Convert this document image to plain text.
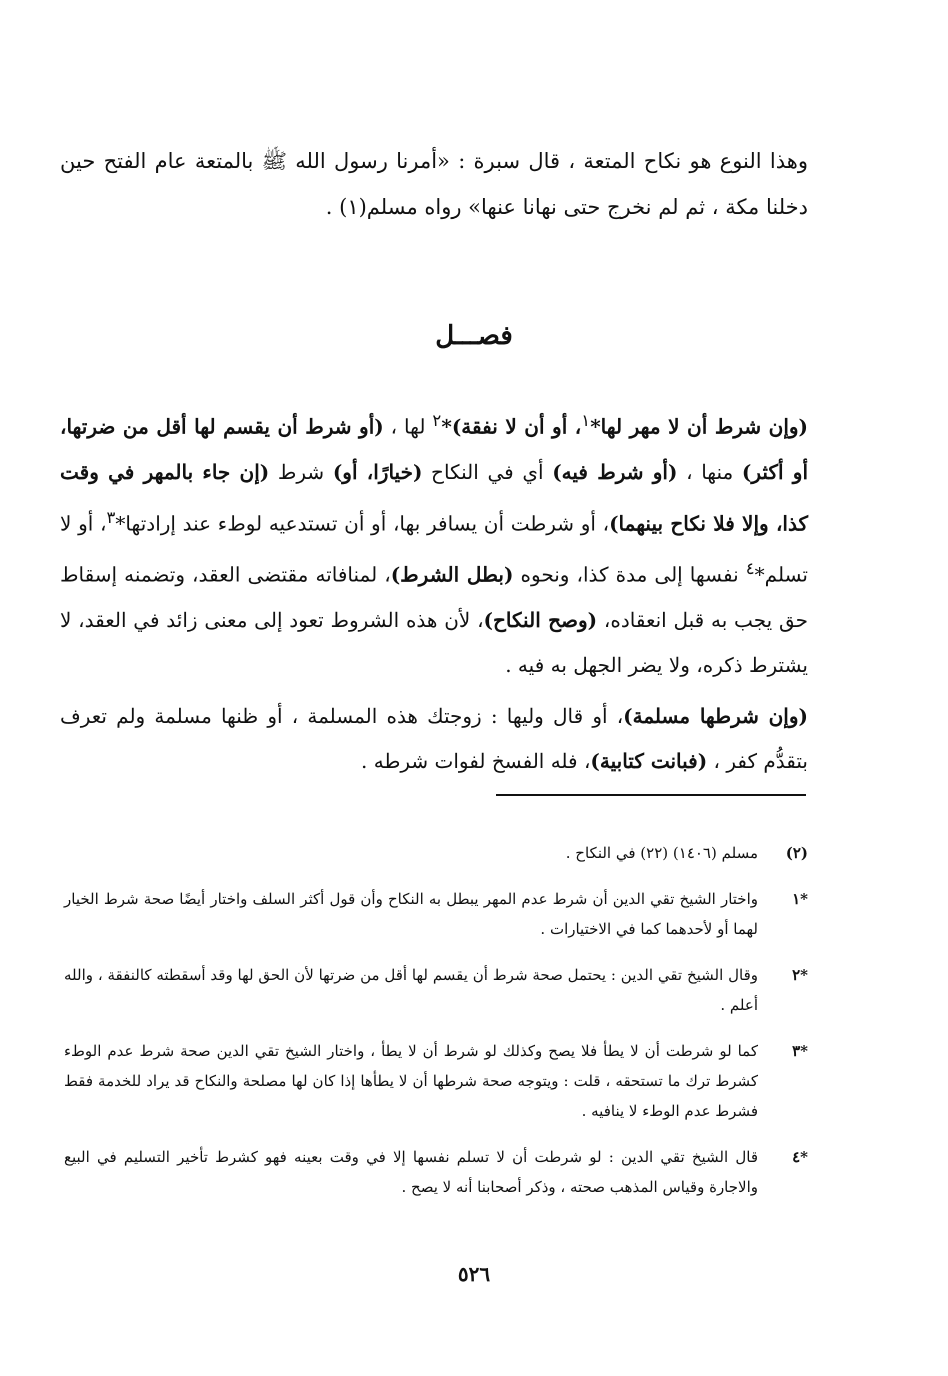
وهذا النوع هو نكاح المتعة ، قال سبرة : «أمرنا رسول الله ﷺ بالمتعة عام الفتح حين دخلنا مكة ، ثم لم نخرج حتى نهانا عنها» رواه مسلم(١) .
فصـــل

(وإن شرط أن لا مهر لها*$^١$، أو أن لا نفقة)*$^٢$ لها ، (أو شرط أن يقسم لها أقل من ضرتها، أو أكثر) منها ، (أو شرط فيه) أي في النكاح (خيارًا، أو) شرط (إن جاء بالمهر في وقت كذا، وإلا فلا نكاح بينهما)، أو شرطت أن يسافر بها، أو أن تستدعيه لوطء عند إرادتها*$^٣$، أو لا تسلم*$^٤$ نفسها إلى مدة كذا، ونحوه (بطل الشرط)، لمنافاته مقتضى العقد، وتضمنه إسقاط حق يجب به قبل انعقاده، (وصح النكاح)، لأن هذه الشروط تعود إلى معنى زائد في العقد، لا يشترط ذكره، ولا يضر الجهل به فيه .

(وإن شرطها مسلمة)، أو قال وليها : زوجتك هذه المسلمة ، أو ظنها مسلمة ولم تعرف بتقدُّم كفر ، (فبانت كتابية)، فله الفسخ لفوات شرطه .

(٢)
مسلم (١٤٠٦) (٢٢) في النكاح .
*١
واختار الشيخ تقي الدين أن شرط عدم المهر يبطل به النكاح وأن قول أكثر السلف واختار أيضًا صحة شرط الخيار لهما أو لأحدهما كما في الاختيارات .
*٢
وقال الشيخ تقي الدين : يحتمل صحة شرط أن يقسم لها أقل من ضرتها لأن الحق لها وقد أسقطته كالنفقة ، والله أعلم .
*٣
كما لو شرطت أن لا يطأ فلا يصح وكذلك لو شرط أن لا يطأ ، واختار الشيخ تقي الدين صحة شرط عدم الوطء كشرط ترك ما تستحقه ، قلت : ويتوجه صحة شرطها أن لا يطأها إذا كان لها مصلحة والنكاح قد يراد للخدمة فقط فشرط عدم الوطء لا ينافيه .
*٤
قال الشيخ تقي الدين : لو شرطت أن لا تسلم نفسها إلا في وقت بعينه فهو كشرط تأخير التسليم في البيع والاجارة وقياس المذهب صحته ، وذكر أصحابنا أنه لا يصح .
٥٢٦
